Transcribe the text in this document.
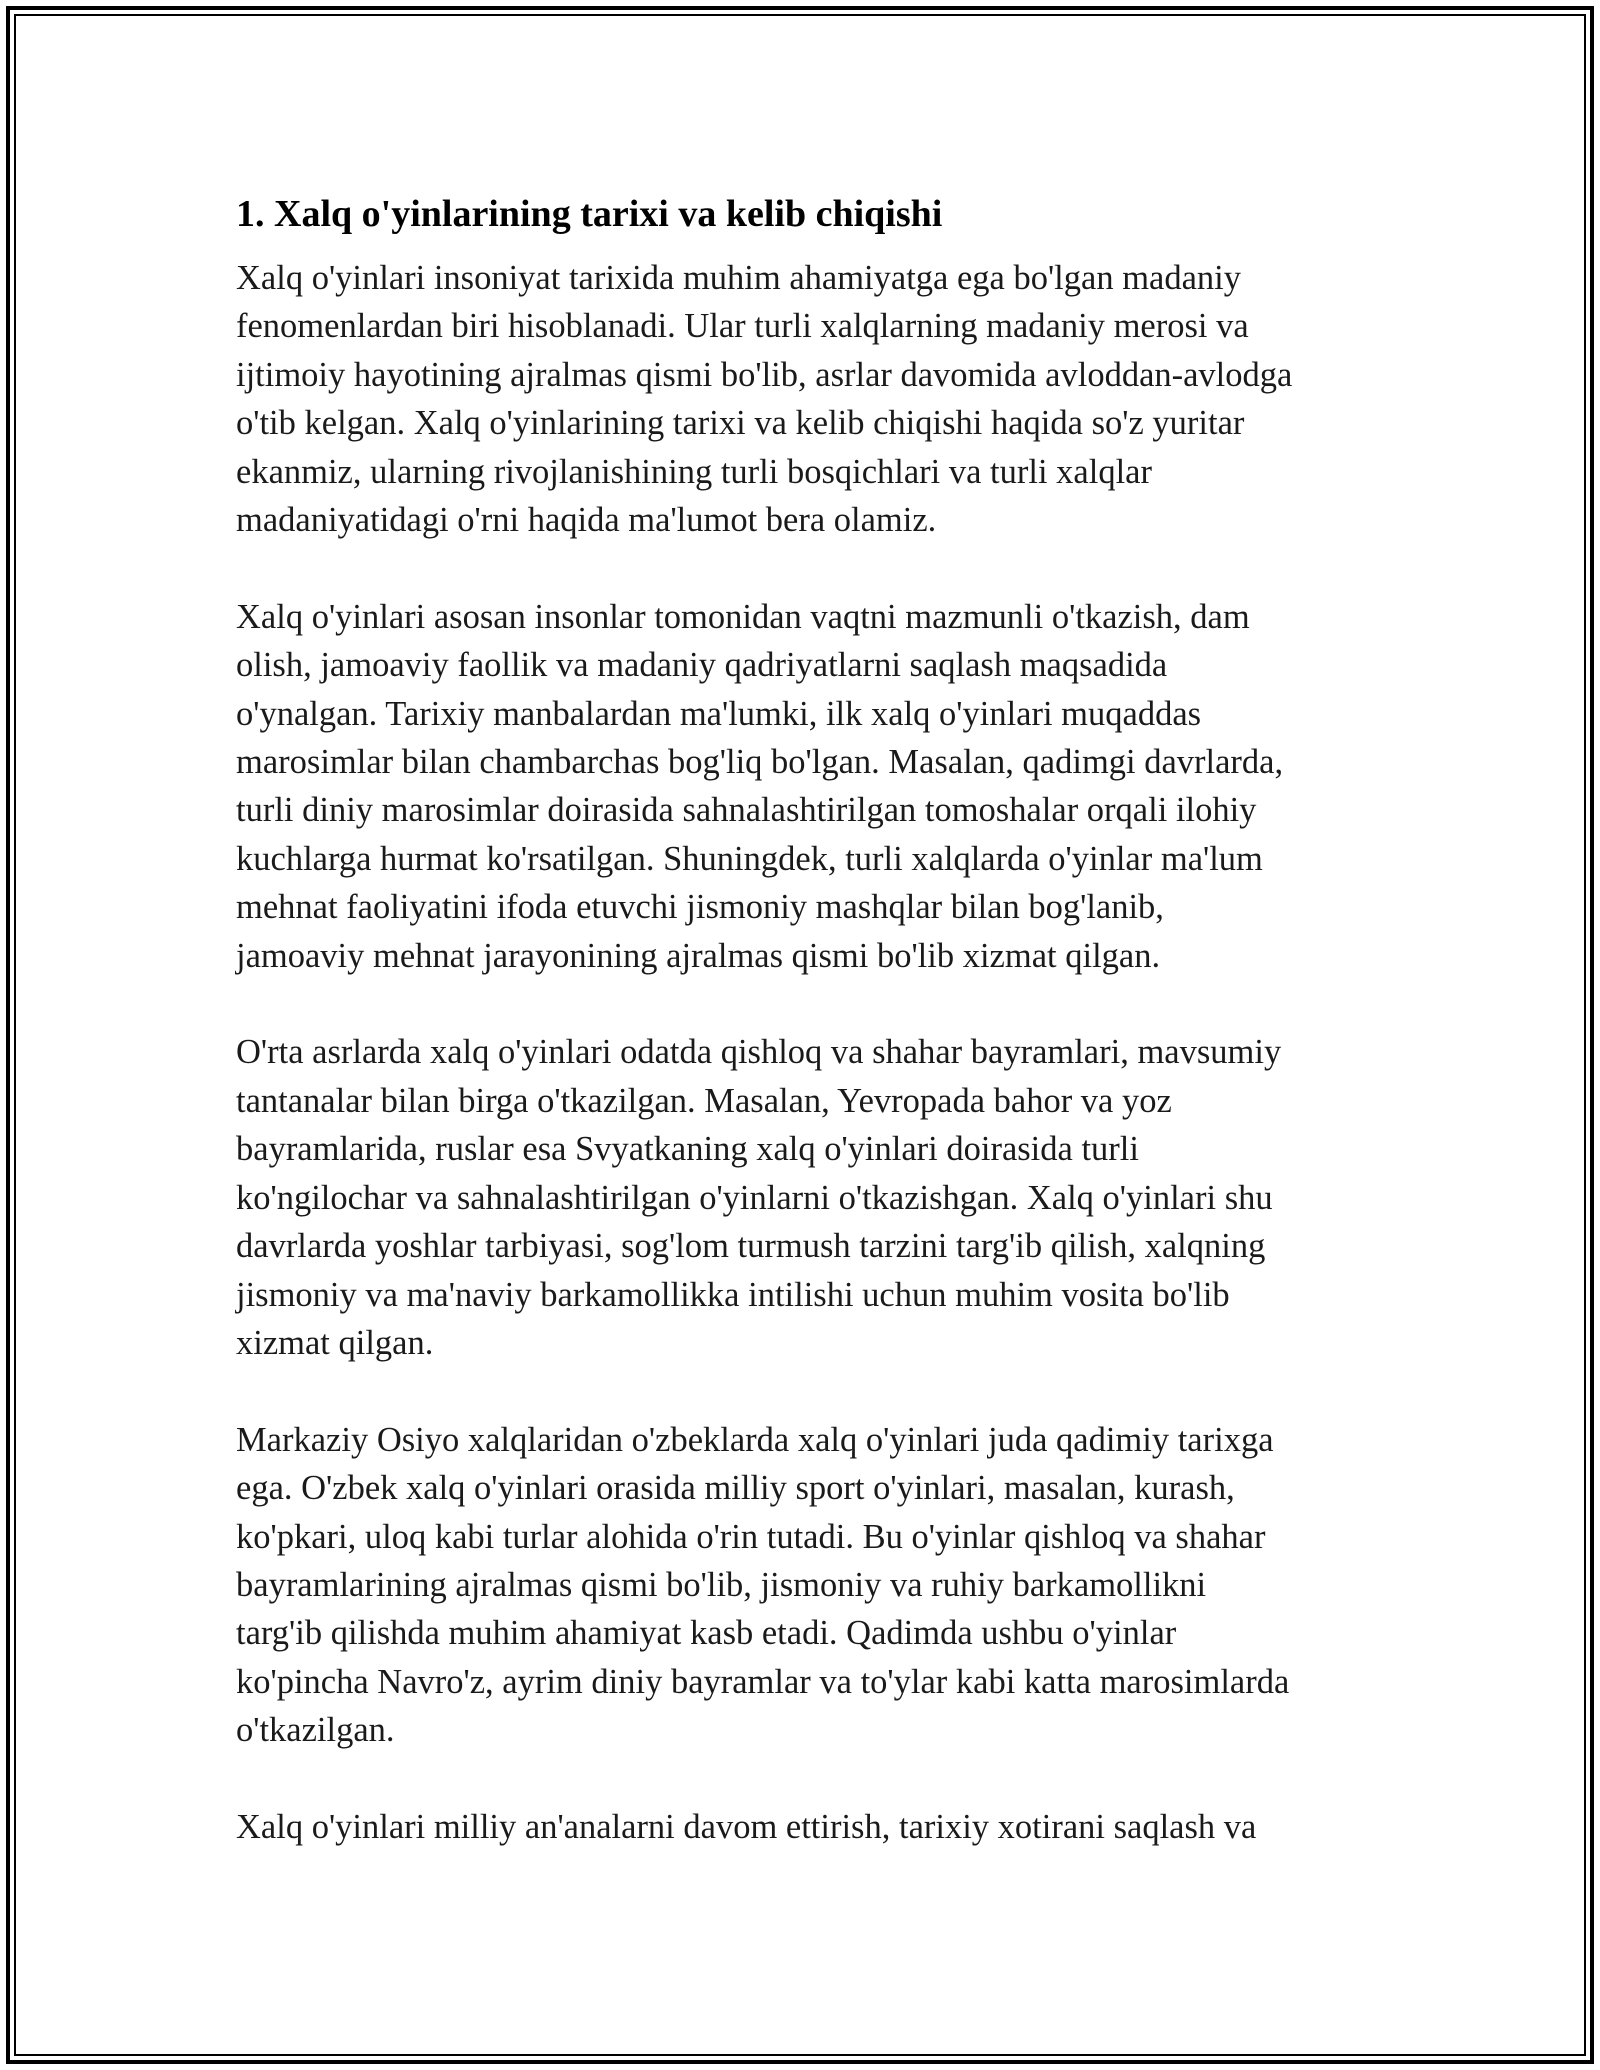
1. Xalq o'yinlarining tarixi va kelib chiqishi
Xalq o'yinlari insoniyat tarixida muhim ahamiyatga ega bo'lgan madaniy
fenomenlardan biri hisoblanadi. Ular turli xalqlarning madaniy merosi va
ijtimoiy hayotining ajralmas qismi bo'lib, asrlar davomida avloddan-avlodga
o'tib kelgan. Xalq o'yinlarining tarixi va kelib chiqishi haqida so'z yuritar
ekanmiz, ularning rivojlanishining turli bosqichlari va turli xalqlar
madaniyatidagi o'rni haqida ma'lumot bera olamiz.
Xalq o'yinlari asosan insonlar tomonidan vaqtni mazmunli o'tkazish, dam
olish, jamoaviy faollik va madaniy qadriyatlarni saqlash maqsadida
o'ynalgan. Tarixiy manbalardan ma'lumki, ilk xalq o'yinlari muqaddas
marosimlar bilan chambarchas bog'liq bo'lgan. Masalan, qadimgi davrlarda,
turli diniy marosimlar doirasida sahnalashtirilgan tomoshalar orqali ilohiy
kuchlarga hurmat ko'rsatilgan. Shuningdek, turli xalqlarda o'yinlar ma'lum
mehnat faoliyatini ifoda etuvchi jismoniy mashqlar bilan bog'lanib,
jamoaviy mehnat jarayonining ajralmas qismi bo'lib xizmat qilgan.
O'rta asrlarda xalq o'yinlari odatda qishloq va shahar bayramlari, mavsumiy
tantanalar bilan birga o'tkazilgan. Masalan, Yevropada bahor va yoz
bayramlarida, ruslar esa Svyatkaning xalq o'yinlari doirasida turli
ko'ngilochar va sahnalashtirilgan o'yinlarni o'tkazishgan. Xalq o'yinlari shu
davrlarda yoshlar tarbiyasi, sog'lom turmush tarzini targ'ib qilish, xalqning
jismoniy va ma'naviy barkamollikka intilishi uchun muhim vosita bo'lib
xizmat qilgan.
Markaziy Osiyo xalqlaridan o'zbeklarda xalq o'yinlari juda qadimiy tarixga
ega. O'zbek xalq o'yinlari orasida milliy sport o'yinlari, masalan, kurash,
ko'pkari, uloq kabi turlar alohida o'rin tutadi. Bu o'yinlar qishloq va shahar
bayramlarining ajralmas qismi bo'lib, jismoniy va ruhiy barkamollikni
targ'ib qilishda muhim ahamiyat kasb etadi. Qadimda ushbu o'yinlar
ko'pincha Navro'z, ayrim diniy bayramlar va to'ylar kabi katta marosimlarda
o'tkazilgan.
Xalq o'yinlari milliy an'analarni davom ettirish, tarixiy xotirani saqlash va
